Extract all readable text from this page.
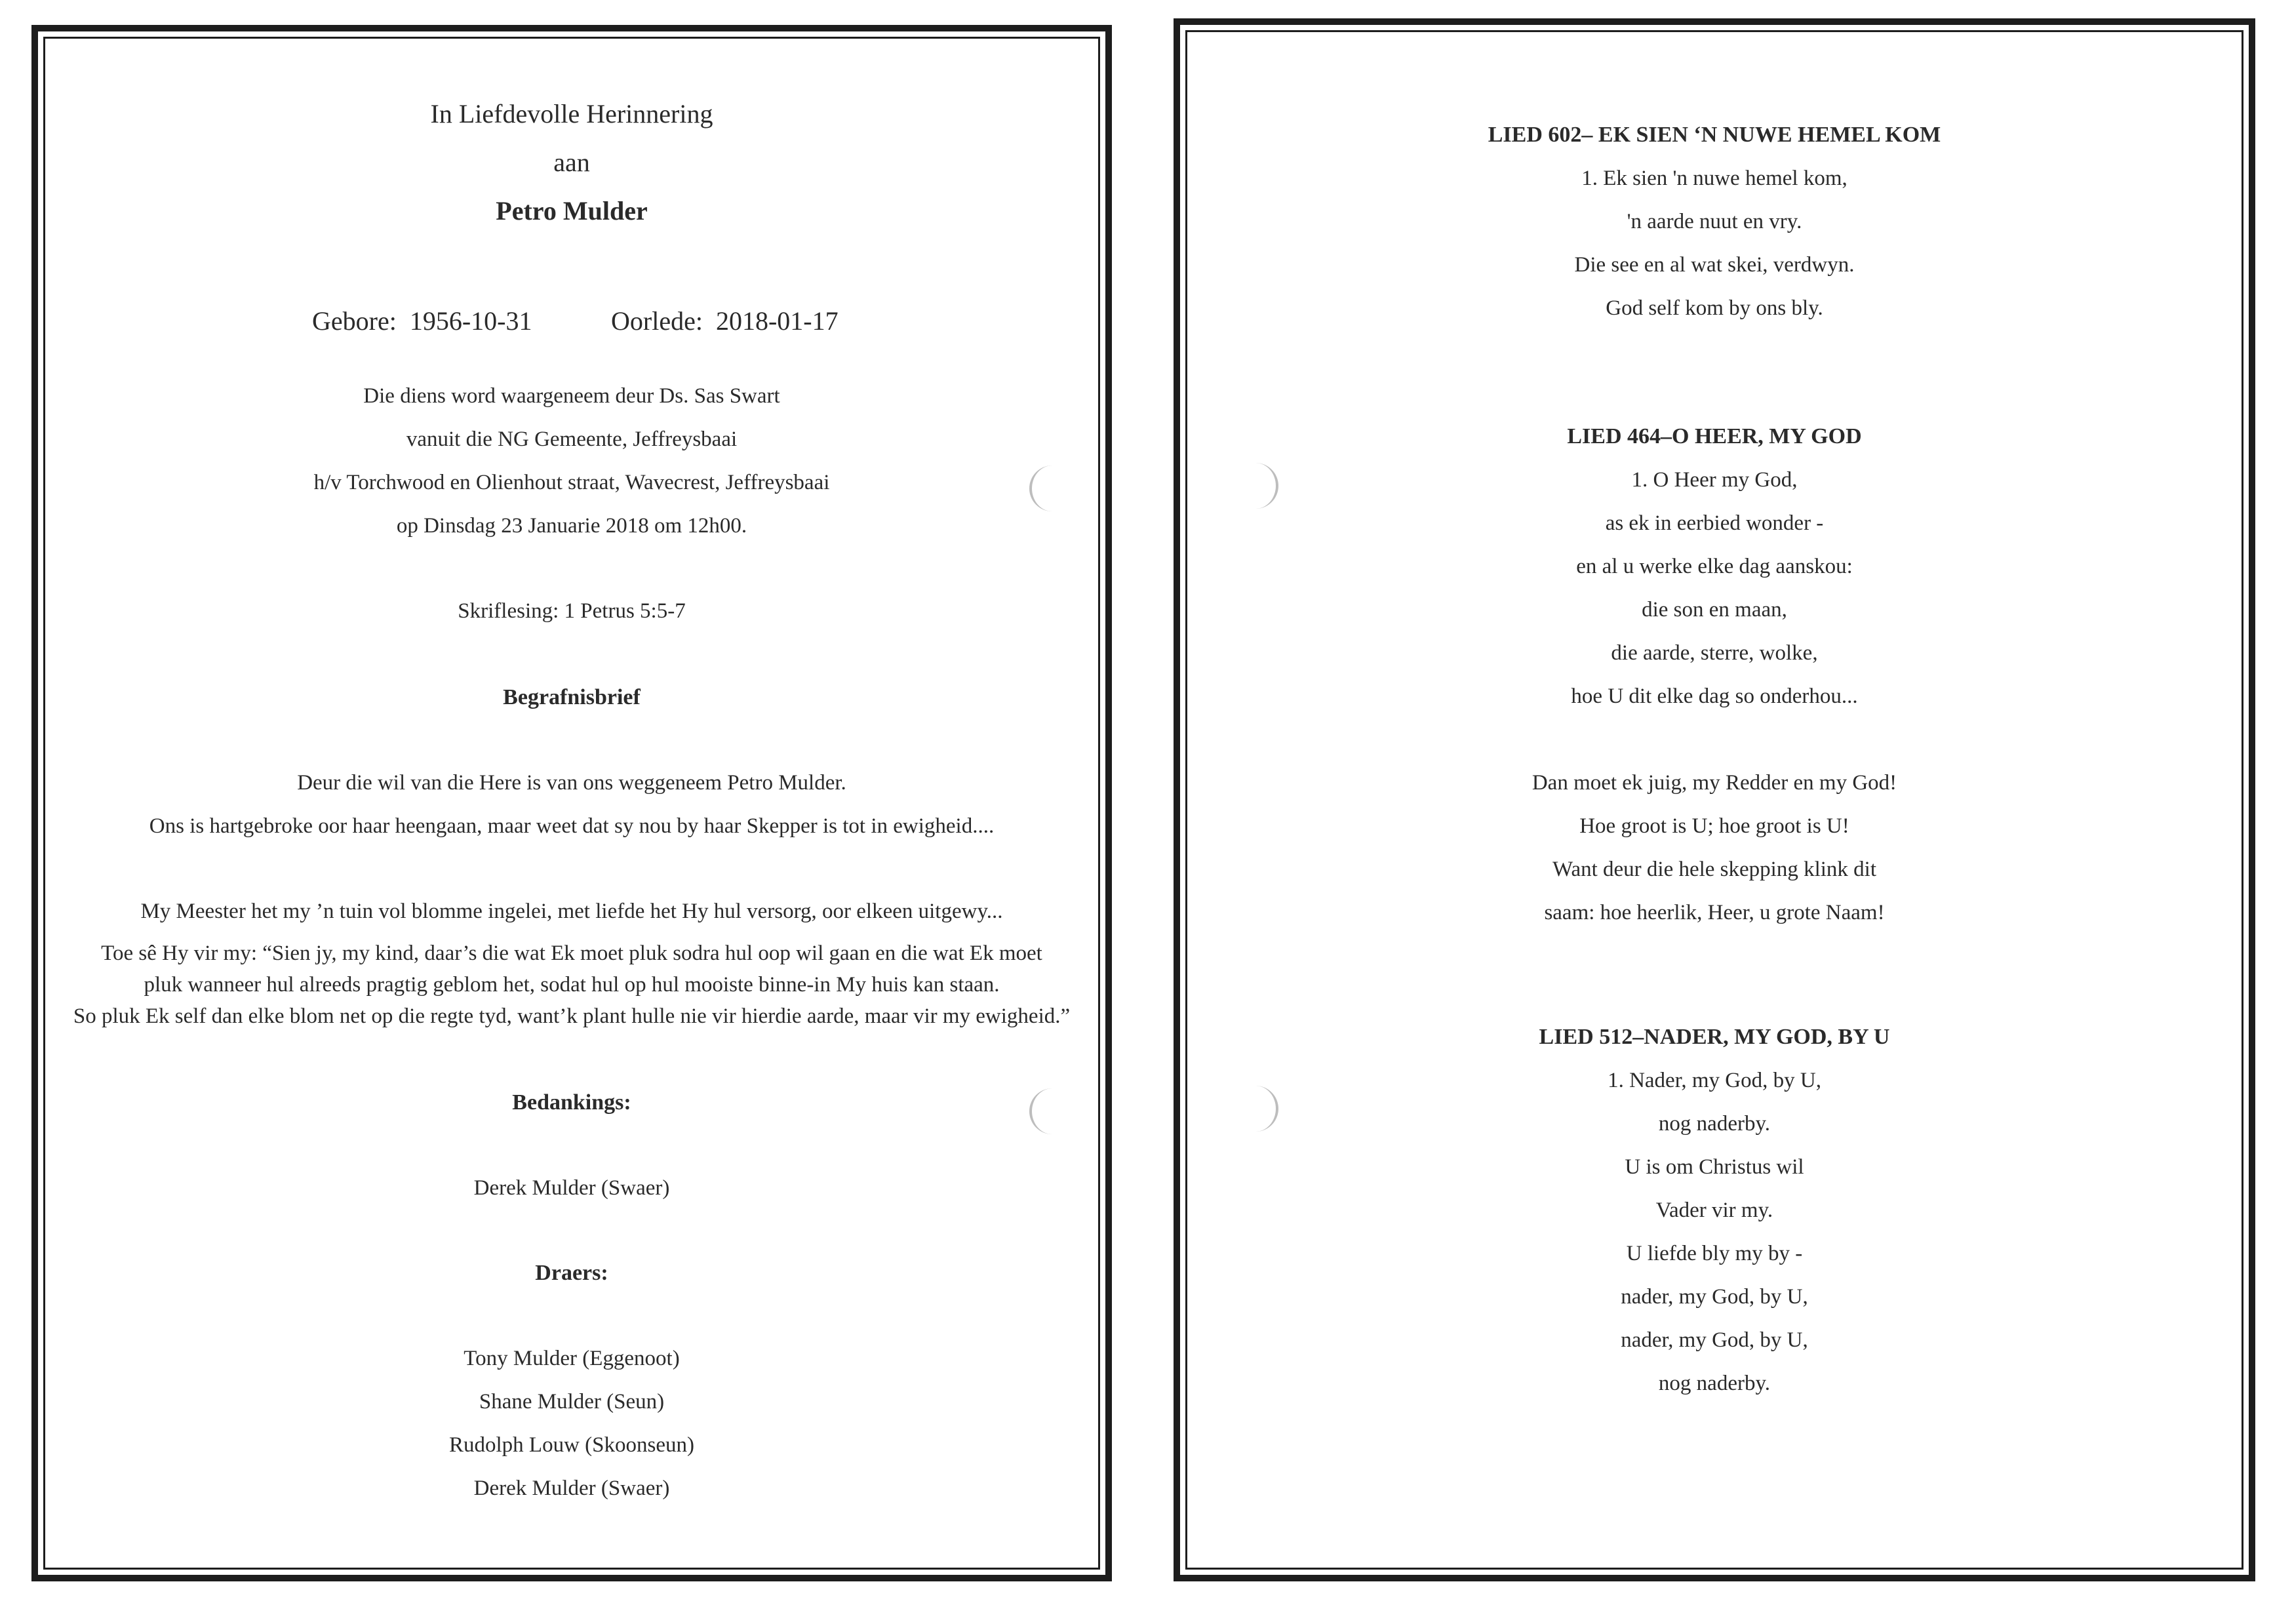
In Liefdevolle Herinnering
aan
Petro Mulder
Gebore: 1956-10-31	Oorlede: 2018-01-17
Die diens word waargeneem deur Ds. Sas Swart
vanuit die NG Gemeente, Jeffreysbaai
h/v Torchwood en Olienhout straat, Wavecrest, Jeffreysbaai
op Dinsdag 23 Januarie 2018 om 12h00.
Skriflesing: 1 Petrus 5:5-7
Begrafnisbrief
Deur die wil van die Here is van ons weggeneem Petro Mulder.
Ons is hartgebroke oor haar heengaan, maar weet dat sy nou by haar Skepper is tot in ewigheid....
My Meester het my ’n tuin vol blomme ingelei, met liefde het Hy hul versorg, oor elkeen uitgewy...
Toe sê Hy vir my: “Sien jy, my kind, daar’s die wat Ek moet pluk sodra hul oop wil gaan en die wat Ek moet
pluk wanneer hul alreeds pragtig geblom het, sodat hul op hul mooiste binne-in My huis kan staan.
So pluk Ek self dan elke blom net op die regte tyd, want’k plant hulle nie vir hierdie aarde, maar vir my ewigheid.”
Bedankings:
Derek Mulder (Swaer)
Draers:
Tony Mulder (Eggenoot)
Shane Mulder (Seun)
Rudolph Louw (Skoonseun)
Derek Mulder (Swaer)
LIED 602– EK SIEN ‘N NUWE HEMEL KOM
1. Ek sien 'n nuwe hemel kom,
'n aarde nuut en vry.
Die see en al wat skei, verdwyn.
God self kom by ons bly.
LIED 464–O HEER, MY GOD
1. O Heer my God,
as ek in eerbied wonder -
en al u werke elke dag aanskou:
die son en maan,
die aarde, sterre, wolke,
hoe U dit elke dag so onderhou...
Dan moet ek juig, my Redder en my God!
Hoe groot is U; hoe groot is U!
Want deur die hele skepping klink dit
saam: hoe heerlik, Heer, u grote Naam!
LIED 512–NADER, MY GOD, BY U
1. Nader, my God, by U,
nog naderby.
U is om Christus wil
Vader vir my.
U liefde bly my by -
nader, my God, by U,
nader, my God, by U,
nog naderby.
